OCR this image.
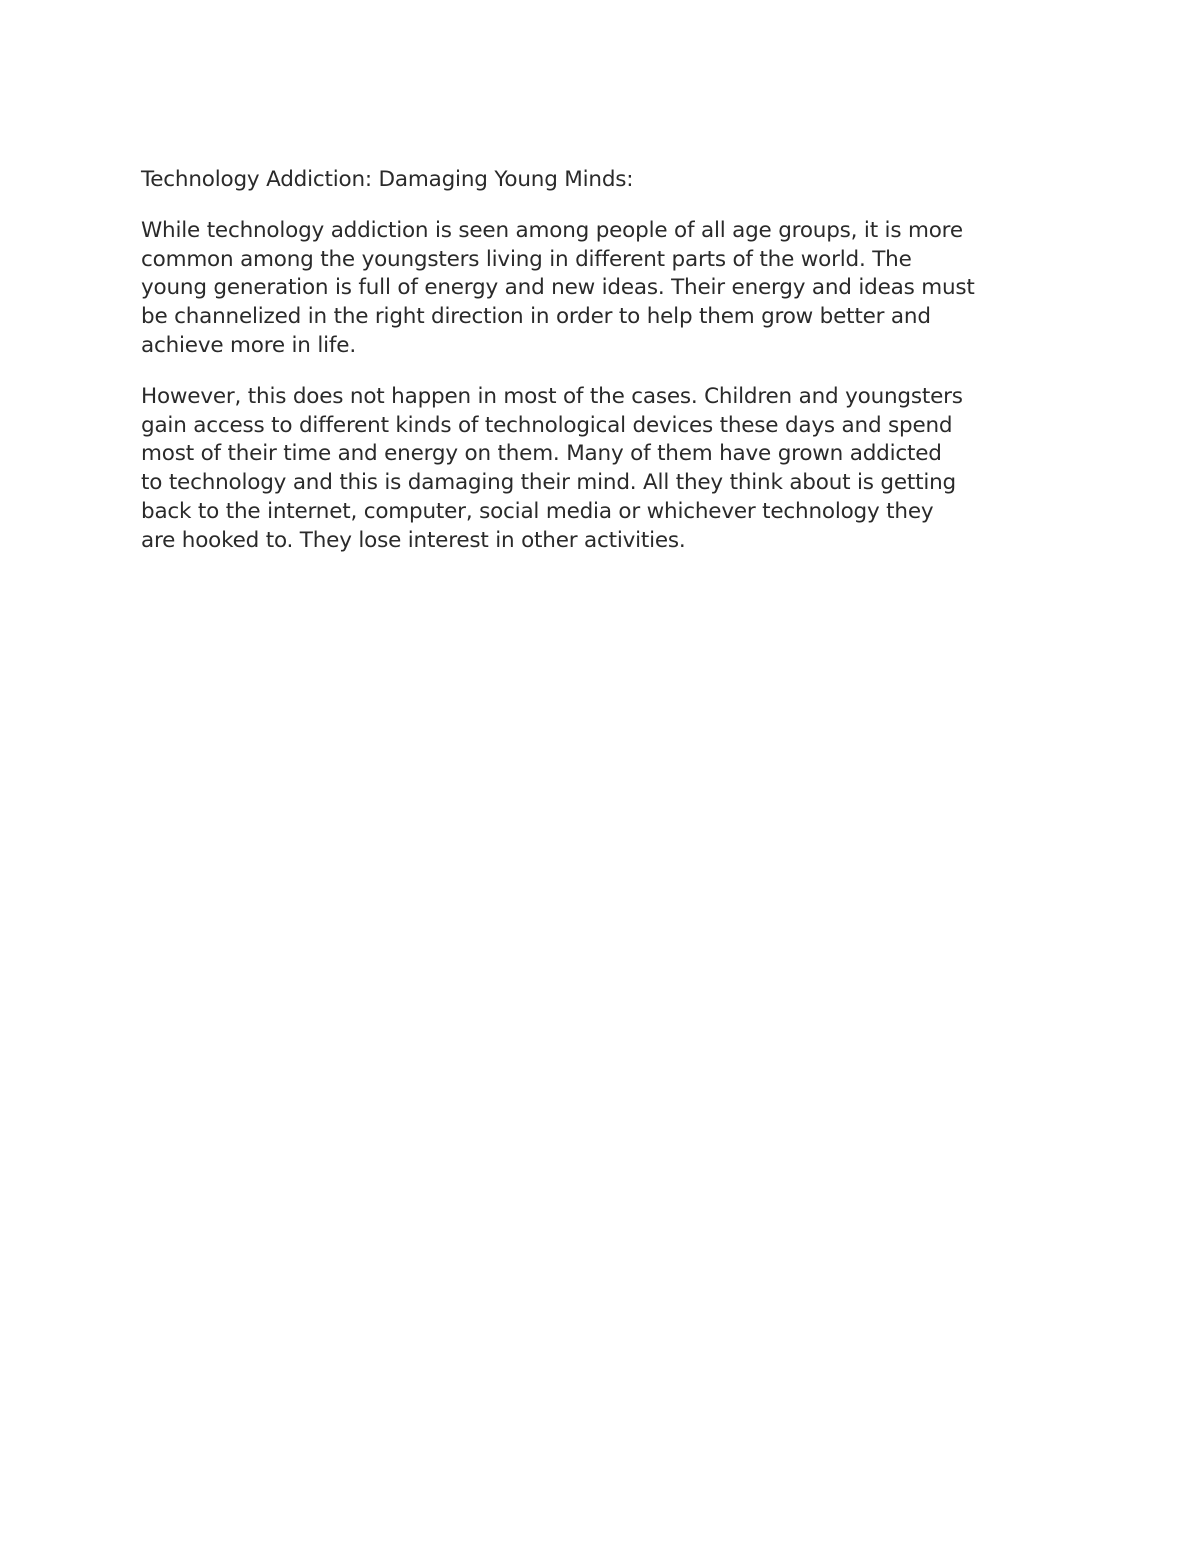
Technology Addiction: Damaging Young Minds:

While technology addiction is seen among people of all age groups, it is more
common among the youngsters living in different parts of the world. The
young generation is full of energy and new ideas. Their energy and ideas must
be channelized in the right direction in order to help them grow better and
achieve more in life.

However, this does not happen in most of the cases. Children and youngsters
gain access to different kinds of technological devices these days and spend
most of their time and energy on them. Many of them have grown addicted
to technology and this is damaging their mind. All they think about is getting
back to the internet, computer, social media or whichever technology they
are hooked to. They lose interest in other activities.
